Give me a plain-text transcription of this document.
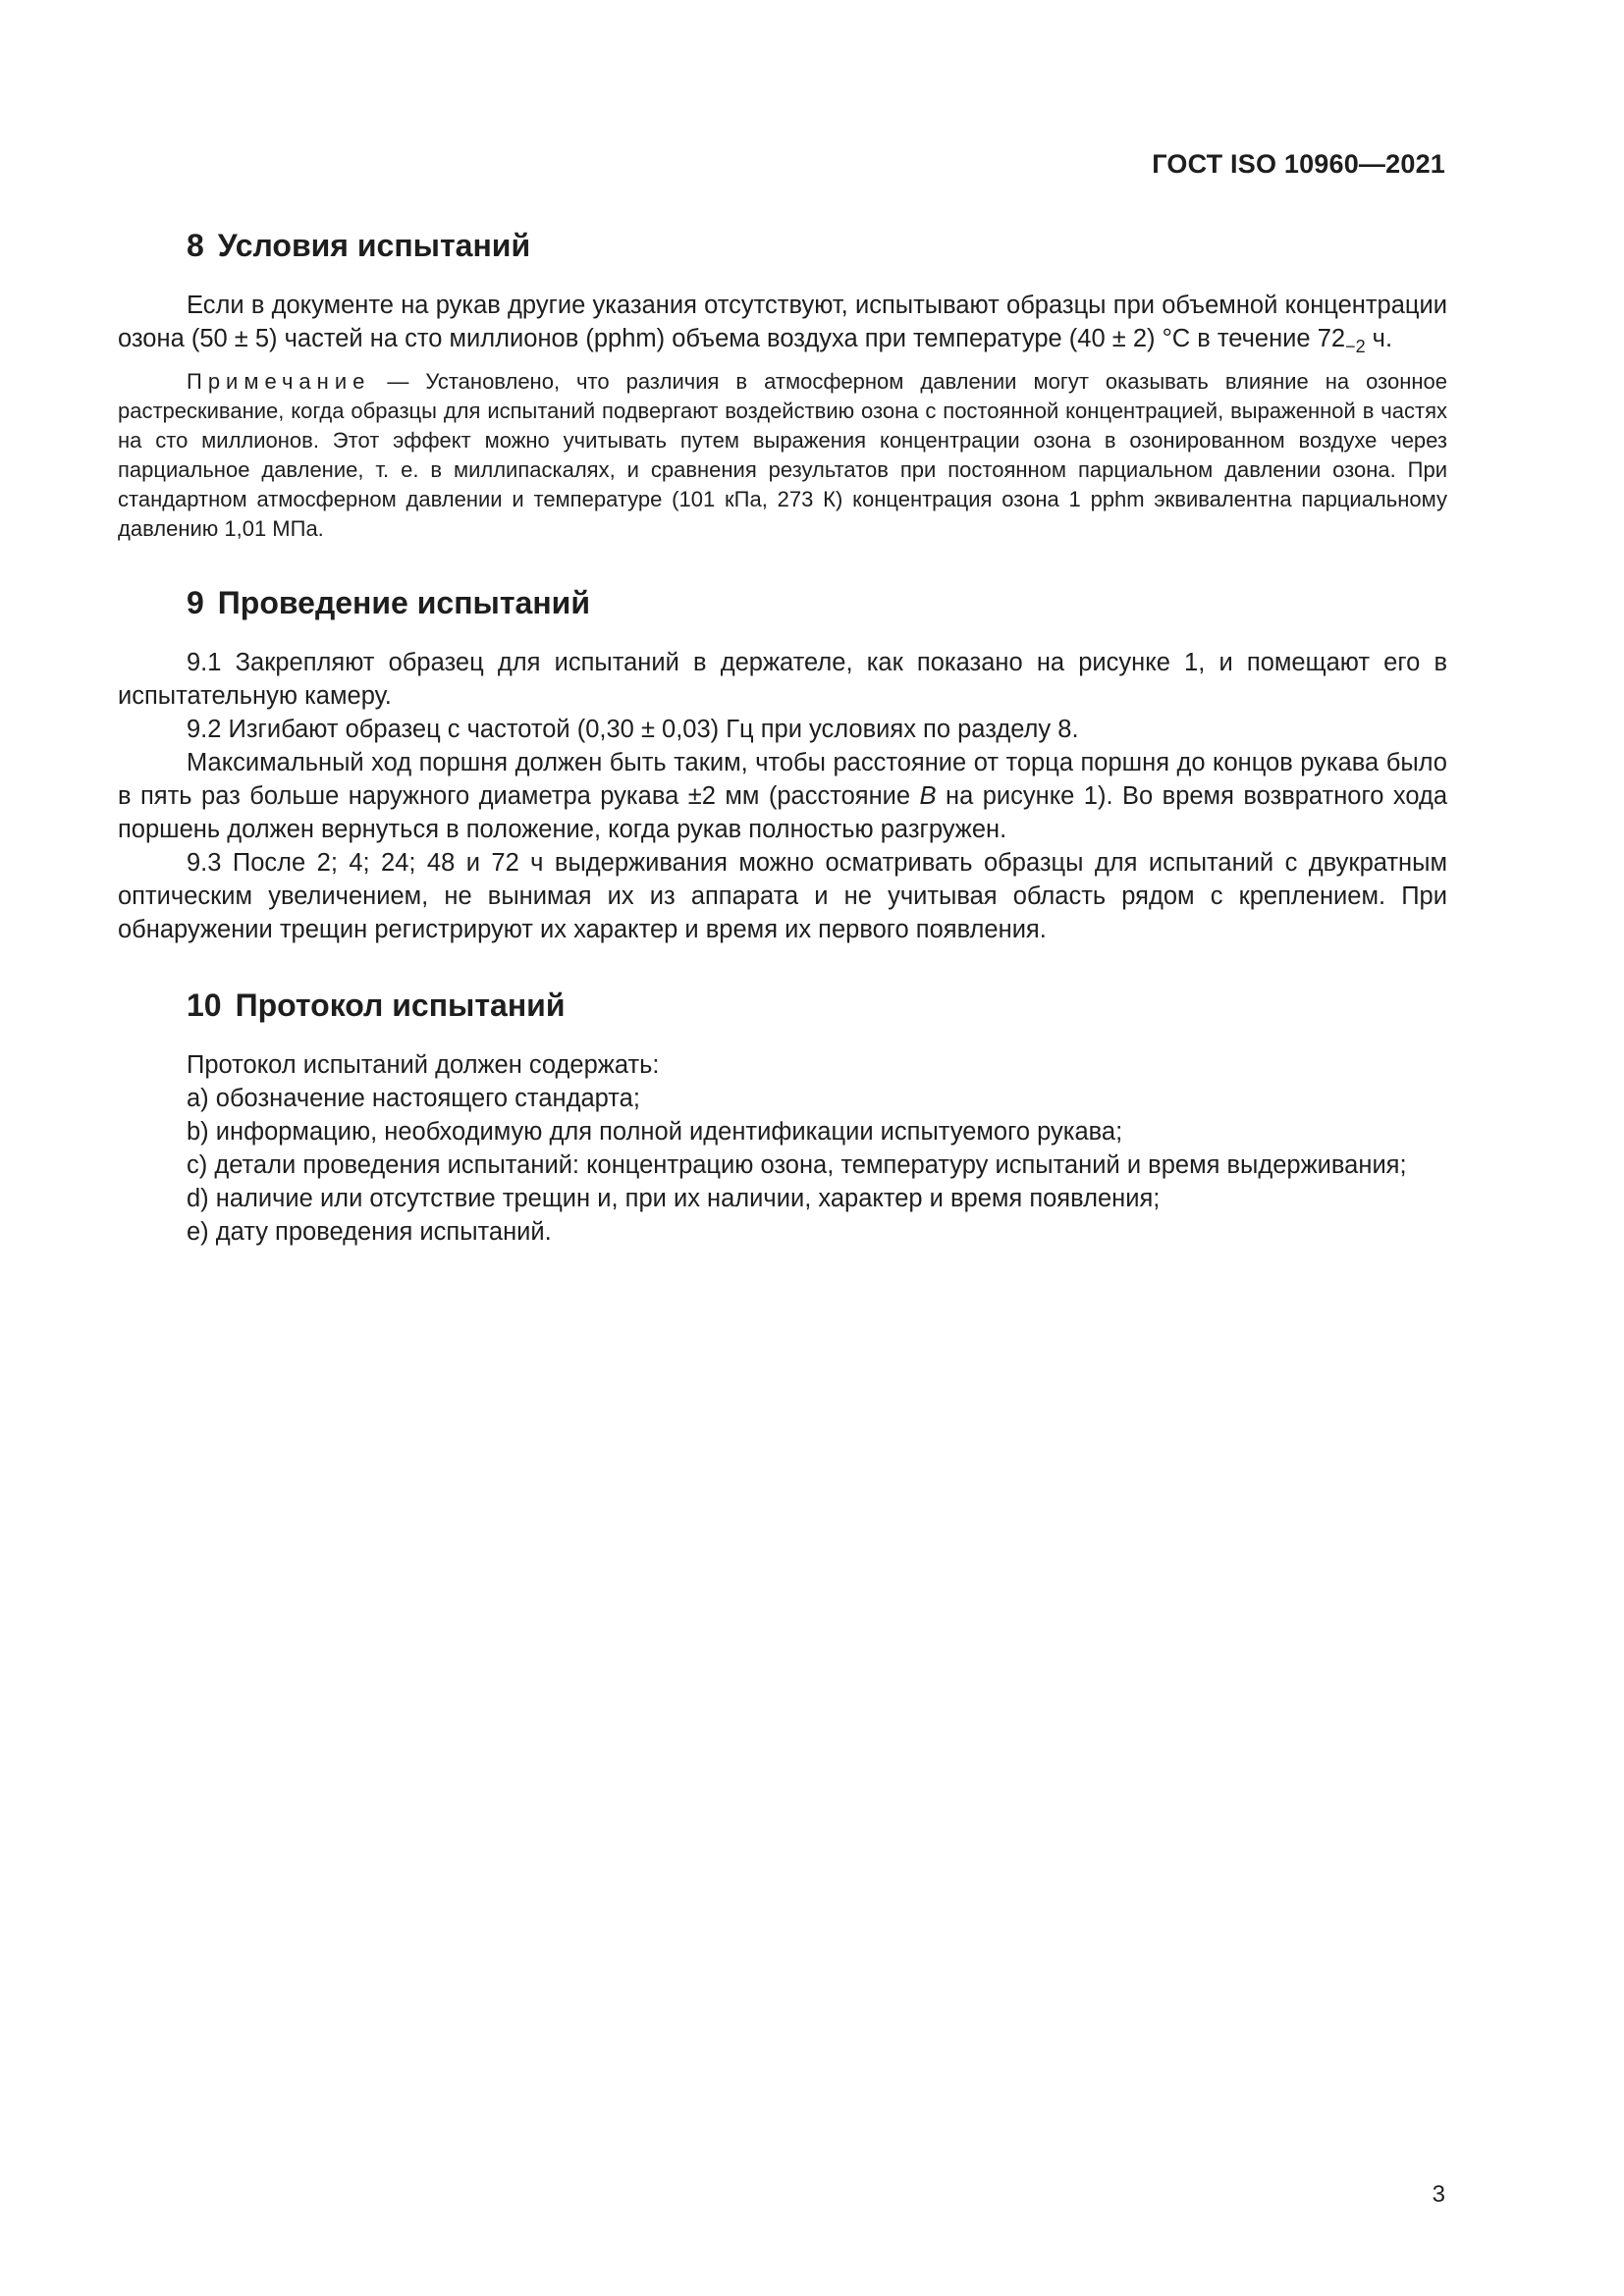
ГОСТ ISO 10960—2021
8 Условия испытаний

Если в документе на рукав другие указания отсутствуют, испытывают образцы при объемной концентрации озона (50 ± 5) частей на сто миллионов (pphm) объема воздуха при температуре (40 ± 2) °С в течение $72_{-2}$ ч.

Примечание — Установлено, что различия в атмосферном давлении могут оказывать влияние на озонное растрескивание, когда образцы для испытаний подвергают воздействию озона с постоянной концентрацией, выраженной в частях на сто миллионов. Этот эффект можно учитывать путем выражения концентрации озона в озонированном воздухе через парциальное давление, т. е. в миллипаскалях, и сравнения результатов при постоянном парциальном давлении озона. При стандартном атмосферном давлении и температуре (101 кПа, 273 К) концентрация озона 1 pphm эквивалентна парциальному давлению 1,01 МПа.

9 Проведение испытаний

9.1 Закрепляют образец для испытаний в держателе, как показано на рисунке 1, и помещают его в испытательную камеру.

9.2 Изгибают образец с частотой (0,30 ± 0,03) Гц при условиях по разделу 8.

Максимальный ход поршня должен быть таким, чтобы расстояние от торца поршня до концов рукава было в пять раз больше наружного диаметра рукава ±2 мм (расстояние В на рисунке 1). Во время возвратного хода поршень должен вернуться в положение, когда рукав полностью разгружен.

9.3 После 2; 4; 24; 48 и 72 ч выдерживания можно осматривать образцы для испытаний с двукратным оптическим увеличением, не вынимая их из аппарата и не учитывая область рядом с креплением. При обнаружении трещин регистрируют их характер и время их первого появления.

10 Протокол испытаний

Протокол испытаний должен содержать:

а) обозначение настоящего стандарта;

b) информацию, необходимую для полной идентификации испытуемого рукава;

с) детали проведения испытаний: концентрацию озона, температуру испытаний и время выдерживания;

d) наличие или отсутствие трещин и, при их наличии, характер и время появления;

е) дату проведения испытаний.

3
